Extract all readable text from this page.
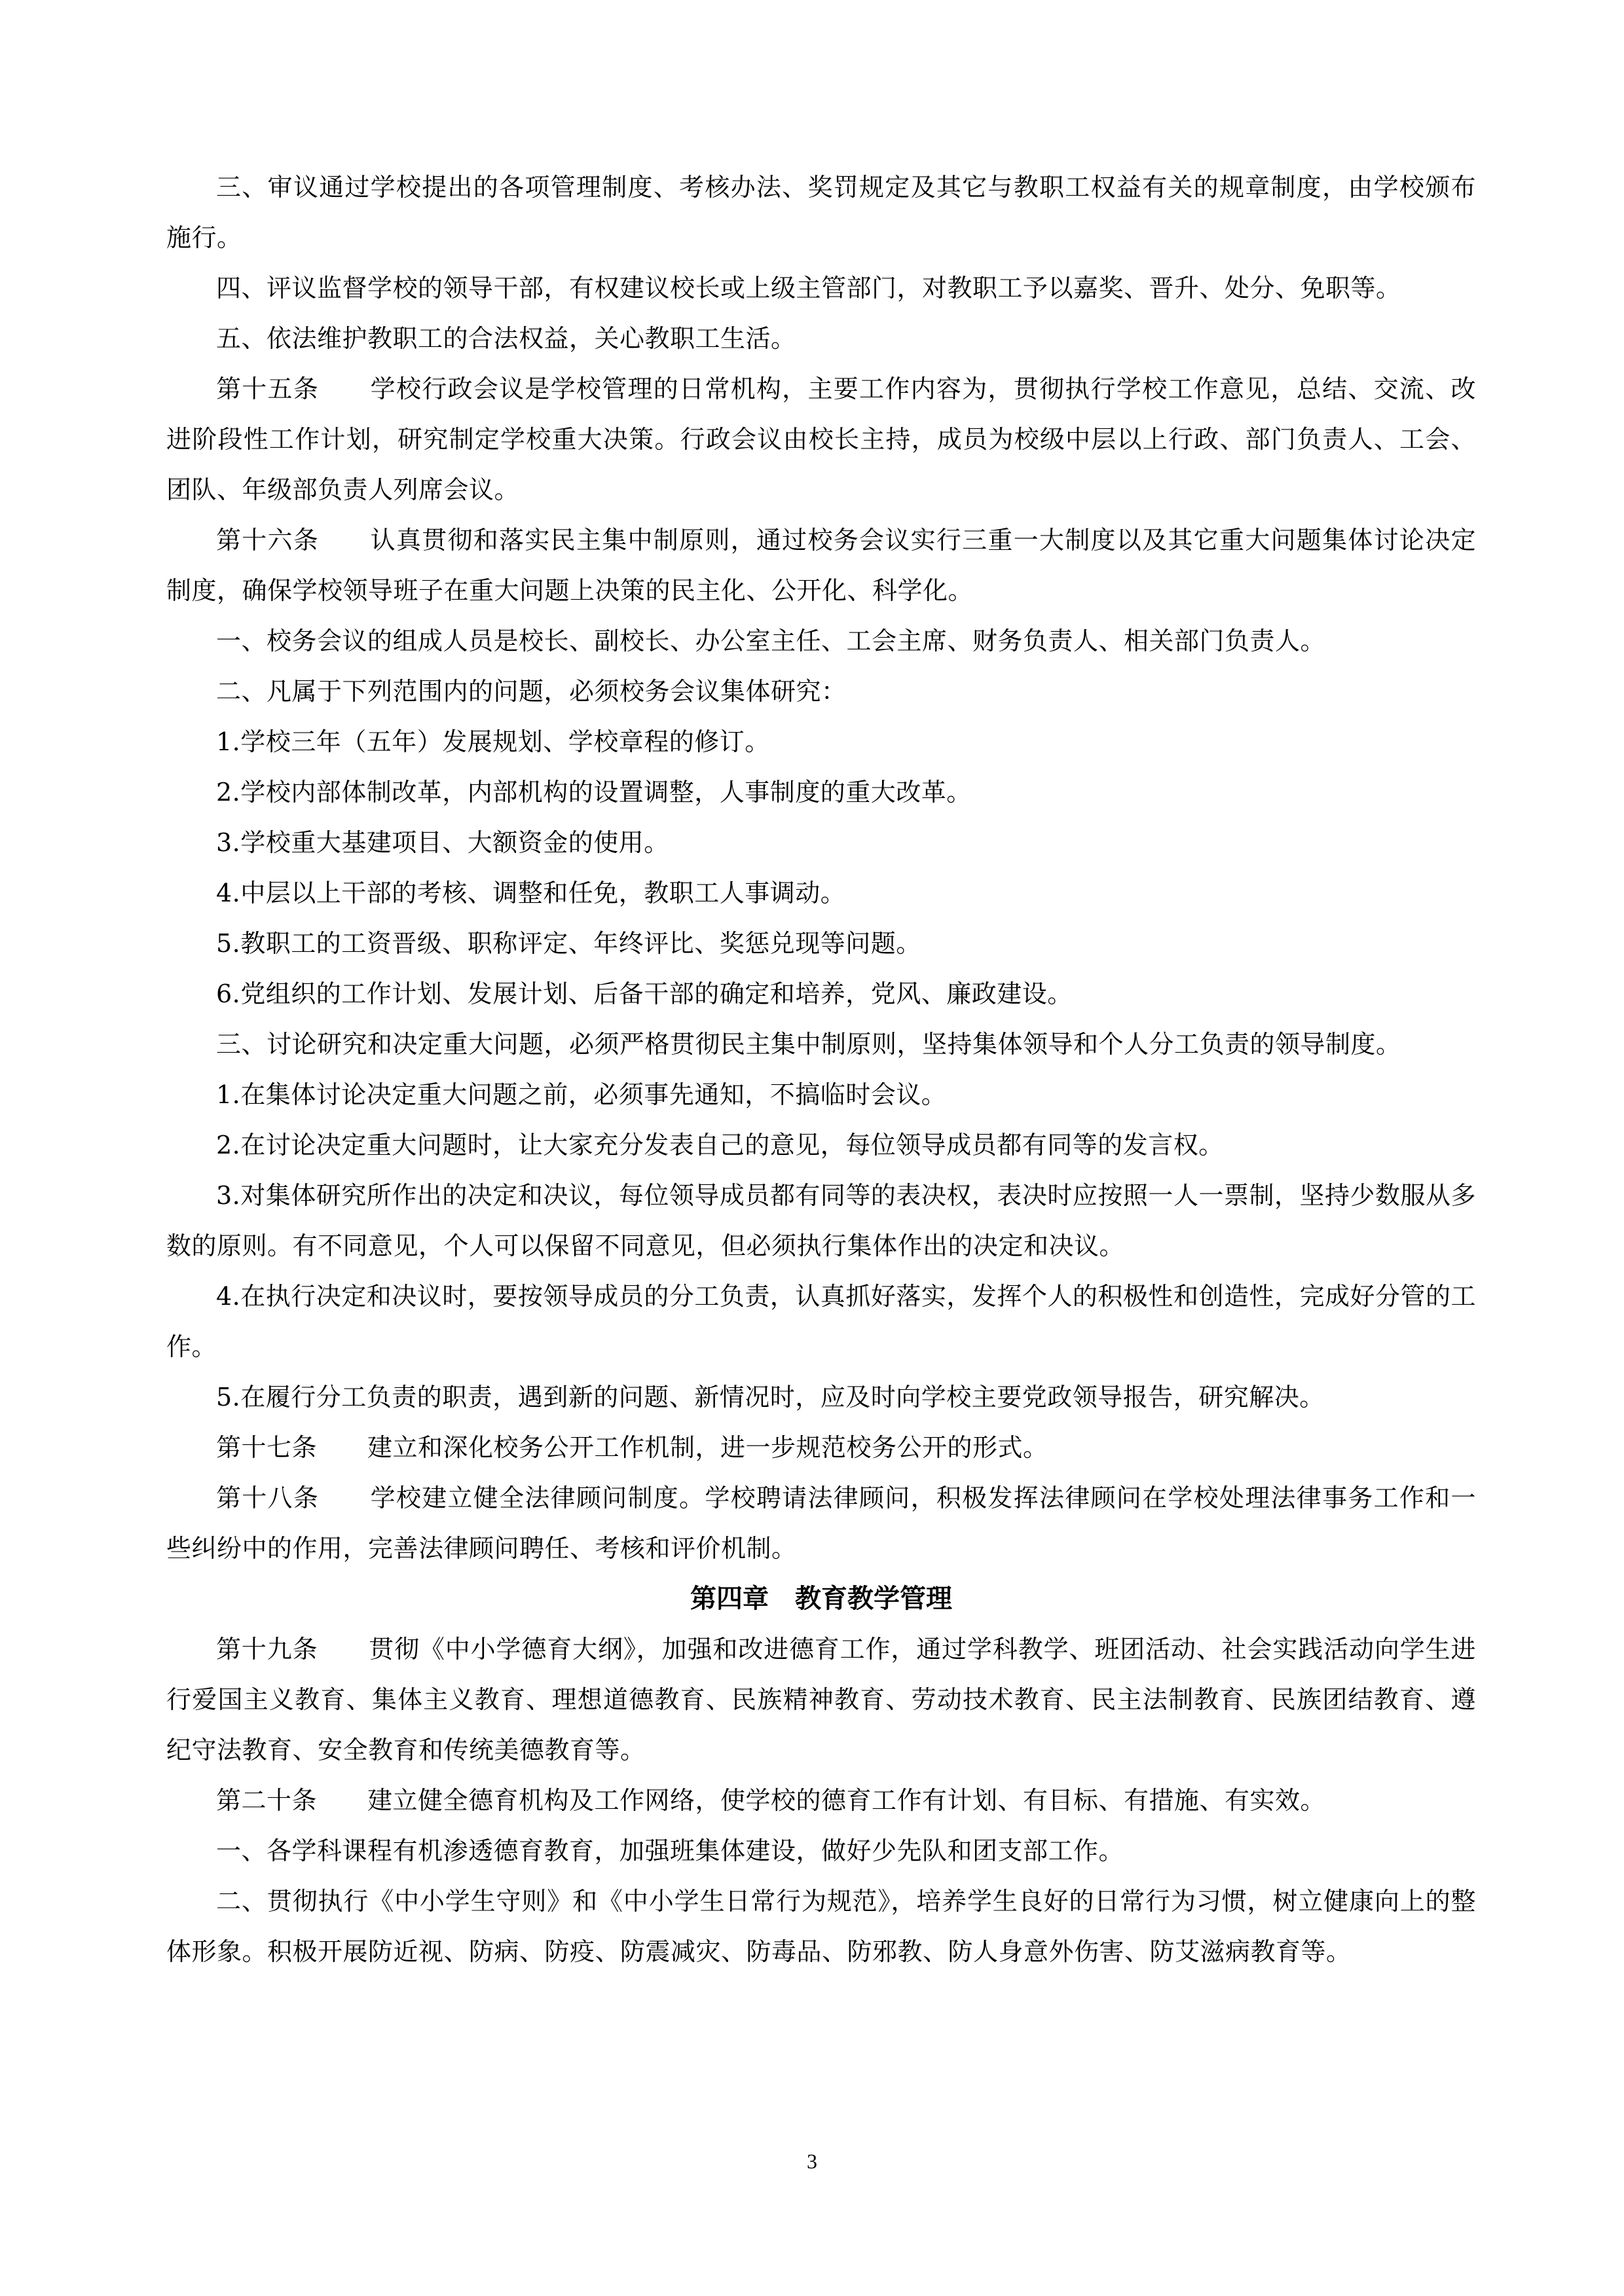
三、审议通过学校提出的各项管理制度、考核办法、奖罚规定及其它与教职工权益有关的规章制度，由学校颁布施行。

四、评议监督学校的领导干部，有权建议校长或上级主管部门，对教职工予以嘉奖、晋升、处分、免职等。

五、依法维护教职工的合法权益，关心教职工生活。

第十五条　　学校行政会议是学校管理的日常机构，主要工作内容为，贯彻执行学校工作意见，总结、交流、改进阶段性工作计划，研究制定学校重大决策。行政会议由校长主持，成员为校级中层以上行政、部门负责人、工会、团队、年级部负责人列席会议。

第十六条　　认真贯彻和落实民主集中制原则，通过校务会议实行三重一大制度以及其它重大问题集体讨论决定制度，确保学校领导班子在重大问题上决策的民主化、公开化、科学化。

一、校务会议的组成人员是校长、副校长、办公室主任、工会主席、财务负责人、相关部门负责人。

二、凡属于下列范围内的问题，必须校务会议集体研究：

1.学校三年（五年）发展规划、学校章程的修订。

2.学校内部体制改革，内部机构的设置调整，人事制度的重大改革。

3.学校重大基建项目、大额资金的使用。

4.中层以上干部的考核、调整和任免，教职工人事调动。

5.教职工的工资晋级、职称评定、年终评比、奖惩兑现等问题。

6.党组织的工作计划、发展计划、后备干部的确定和培养，党风、廉政建设。

三、讨论研究和决定重大问题，必须严格贯彻民主集中制原则，坚持集体领导和个人分工负责的领导制度。

1.在集体讨论决定重大问题之前，必须事先通知，不搞临时会议。

2.在讨论决定重大问题时，让大家充分发表自己的意见，每位领导成员都有同等的发言权。

3.对集体研究所作出的决定和决议，每位领导成员都有同等的表决权，表决时应按照一人一票制，坚持少数服从多数的原则。有不同意见，个人可以保留不同意见，但必须执行集体作出的决定和决议。

4.在执行决定和决议时，要按领导成员的分工负责，认真抓好落实，发挥个人的积极性和创造性，完成好分管的工作。

5.在履行分工负责的职责，遇到新的问题、新情况时，应及时向学校主要党政领导报告，研究解决。

第十七条　　建立和深化校务公开工作机制，进一步规范校务公开的形式。

第十八条　　学校建立健全法律顾问制度。学校聘请法律顾问，积极发挥法律顾问在学校处理法律事务工作和一些纠纷中的作用，完善法律顾问聘任、考核和评价机制。

第四章　教育教学管理

第十九条　　贯彻《中小学德育大纲》，加强和改进德育工作，通过学科教学、班团活动、社会实践活动向学生进行爱国主义教育、集体主义教育、理想道德教育、民族精神教育、劳动技术教育、民主法制教育、民族团结教育、遵纪守法教育、安全教育和传统美德教育等。

第二十条　　建立健全德育机构及工作网络，使学校的德育工作有计划、有目标、有措施、有实效。

一、各学科课程有机渗透德育教育，加强班集体建设，做好少先队和团支部工作。

二、贯彻执行《中小学生守则》和《中小学生日常行为规范》，培养学生良好的日常行为习惯，树立健康向上的整体形象。积极开展防近视、防病、防疫、防震减灾、防毒品、防邪教、防人身意外伤害、防艾滋病教育等。

3
